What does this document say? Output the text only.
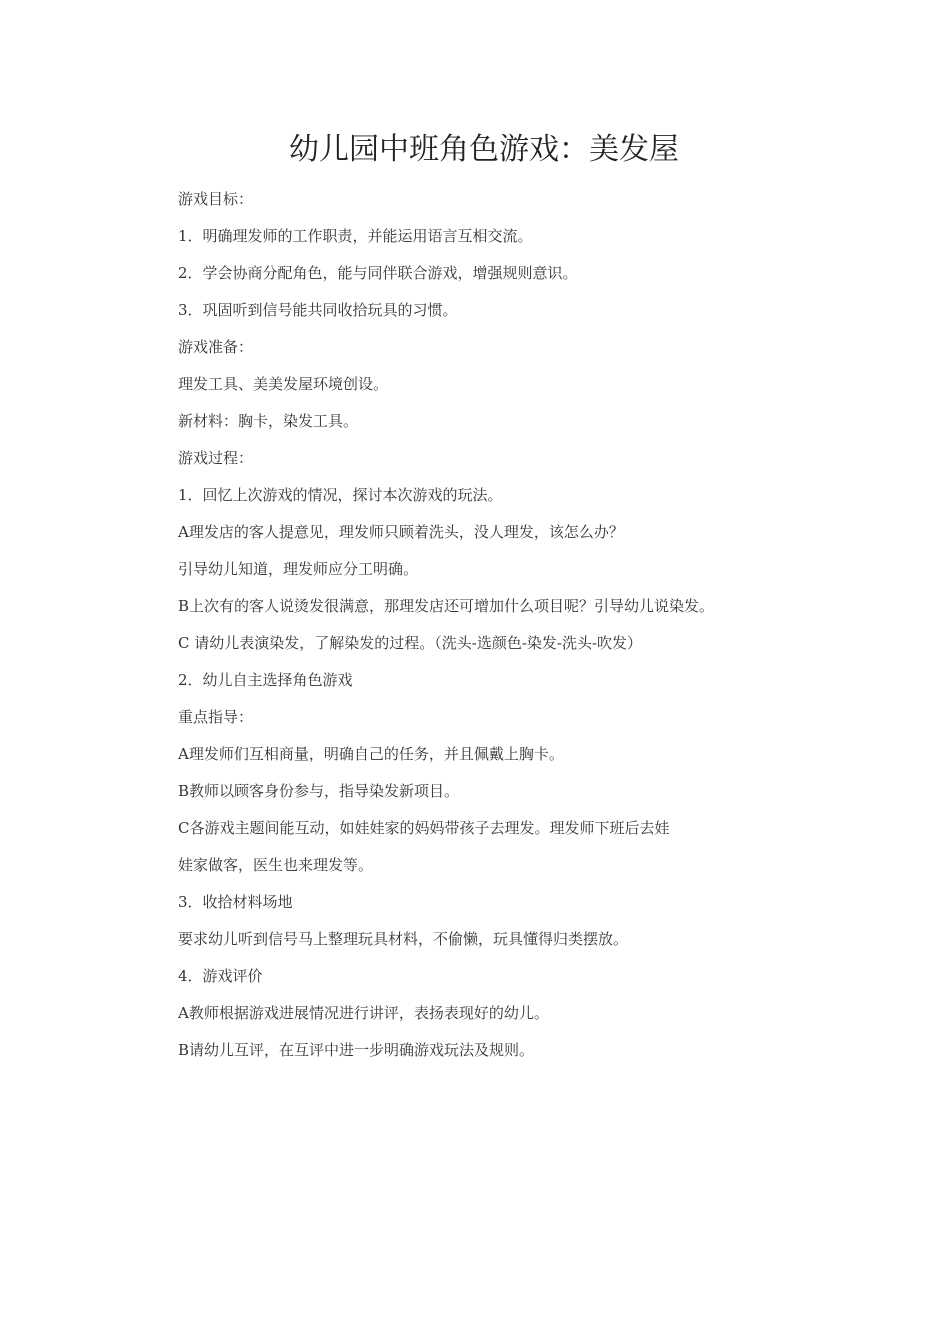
幼儿园中班角色游戏：美发屋

游戏目标：

1．明确理发师的工作职责，并能运用语言互相交流。

2．学会协商分配角色，能与同伴联合游戏，增强规则意识。

3．巩固听到信号能共同收拾玩具的习惯。

游戏准备：

理发工具、美美发屋环境创设。

新材料：胸卡，染发工具。

游戏过程：

1．回忆上次游戏的情况，探讨本次游戏的玩法。

A理发店的客人提意见，理发师只顾着洗头，没人理发，该怎么办？

引导幼儿知道，理发师应分工明确。

B上次有的客人说烫发很满意，那理发店还可增加什么项目呢？引导幼儿说染发。

C 请幼儿表演染发，了解染发的过程。（洗头-选颜色-染发-洗头-吹发）

2．幼儿自主选择角色游戏

重点指导：

A理发师们互相商量，明确自己的任务，并且佩戴上胸卡。

B教师以顾客身份参与，指导染发新项目。

C各游戏主题间能互动，如娃娃家的妈妈带孩子去理发。理发师下班后去娃

娃家做客，医生也来理发等。

3．收拾材料场地

要求幼儿听到信号马上整理玩具材料，不偷懒，玩具懂得归类摆放。

4．游戏评价

A教师根据游戏进展情况进行讲评，表扬表现好的幼儿。

B请幼儿互评，在互评中进一步明确游戏玩法及规则。
